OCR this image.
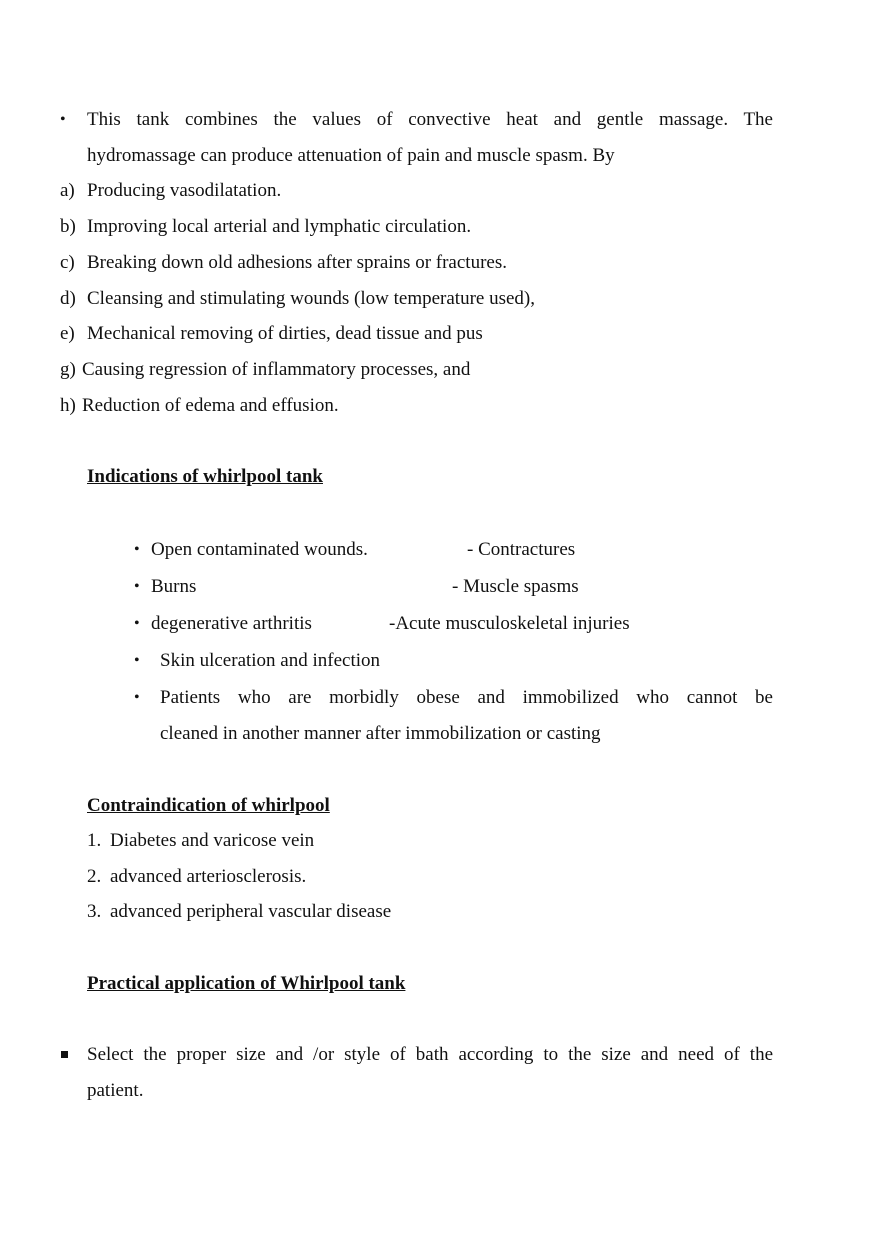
• This tank combines the values of convective heat and gentle massage. The
hydromassage can produce attenuation of pain and muscle spasm. By
a) Producing vasodilatation.
b) Improving local arterial and lymphatic circulation.
c) Breaking down old adhesions after sprains or fractures.
d) Cleansing and stimulating wounds (low temperature used),
e) Mechanical removing of dirties, dead tissue and pus
g) Causing regression of inflammatory processes, and
h) Reduction of edema and effusion.
Indications of whirlpool tank
• Open contaminated wounds.	- Contractures
• Burns	- Muscle spasms
• degenerative arthritis	-Acute musculoskeletal injuries
• Skin ulceration and infection
• Patients who are morbidly obese and immobilized who cannot be
cleaned in another manner after immobilization or casting
Contraindication of whirlpool
1. Diabetes and varicose vein
2. advanced arteriosclerosis.
3. advanced peripheral vascular disease
Practical application of Whirlpool tank
Select the proper size and /or style of bath according to the size and need of the
patient.
